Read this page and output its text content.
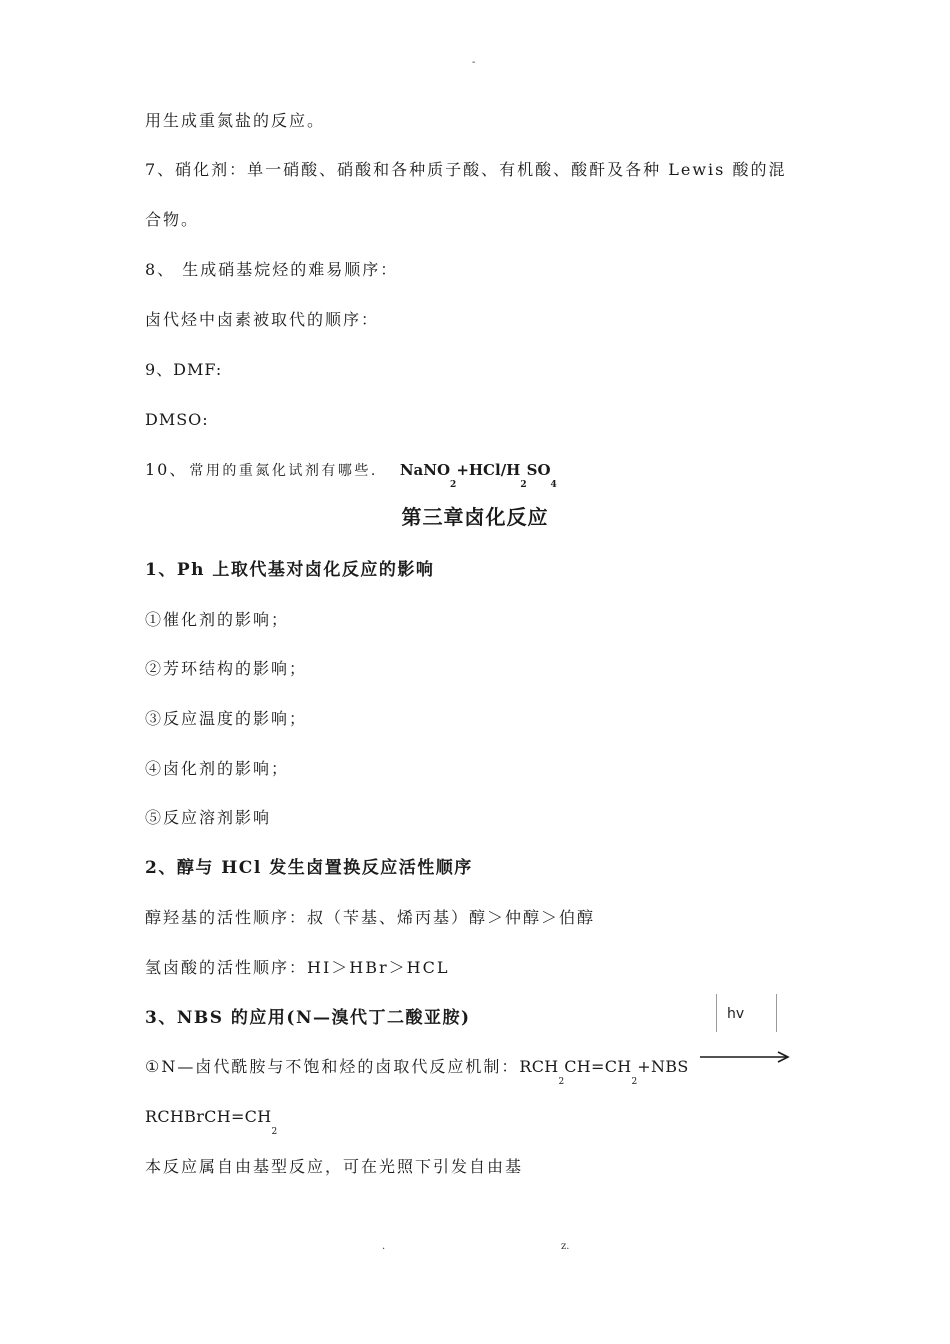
-
用生成重氮盐的反应。
7、硝化剂：单一硝酸、硝酸和各种质子酸、有机酸、酸酐及各种 Lewis 酸的混
合物。
8、 生成硝基烷烃的难易顺序：
卤代烃中卤素被取代的顺序：
9、DMF:
DMSO:
10、 常用的重氮化试剂有哪些. $NaNO_2+HCl/H_2SO_4$
第三章卤化反应
1、Ph 上取代基对卤化反应的影响
①催化剂的影响；
②芳环结构的影响；
③反应温度的影响；
④卤化剂的影响；
⑤反应溶剂影响
2、醇与 HCl 发生卤置换反应活性顺序
醇羟基的活性顺序：叔（苄基、烯丙基）醇＞仲醇＞伯醇
氢卤酸的活性顺序：HI＞HBr＞HCL
3、NBS 的应用(N—溴代丁二酸亚胺)	hv
①N—卤代酰胺与不饱和烃的卤取代反应机制：$RCH_2CH=CH_2+NBS$
$RCHBrCH=CH_2$
本反应属自由基型反应，可在光照下引发自由基
.	z.
